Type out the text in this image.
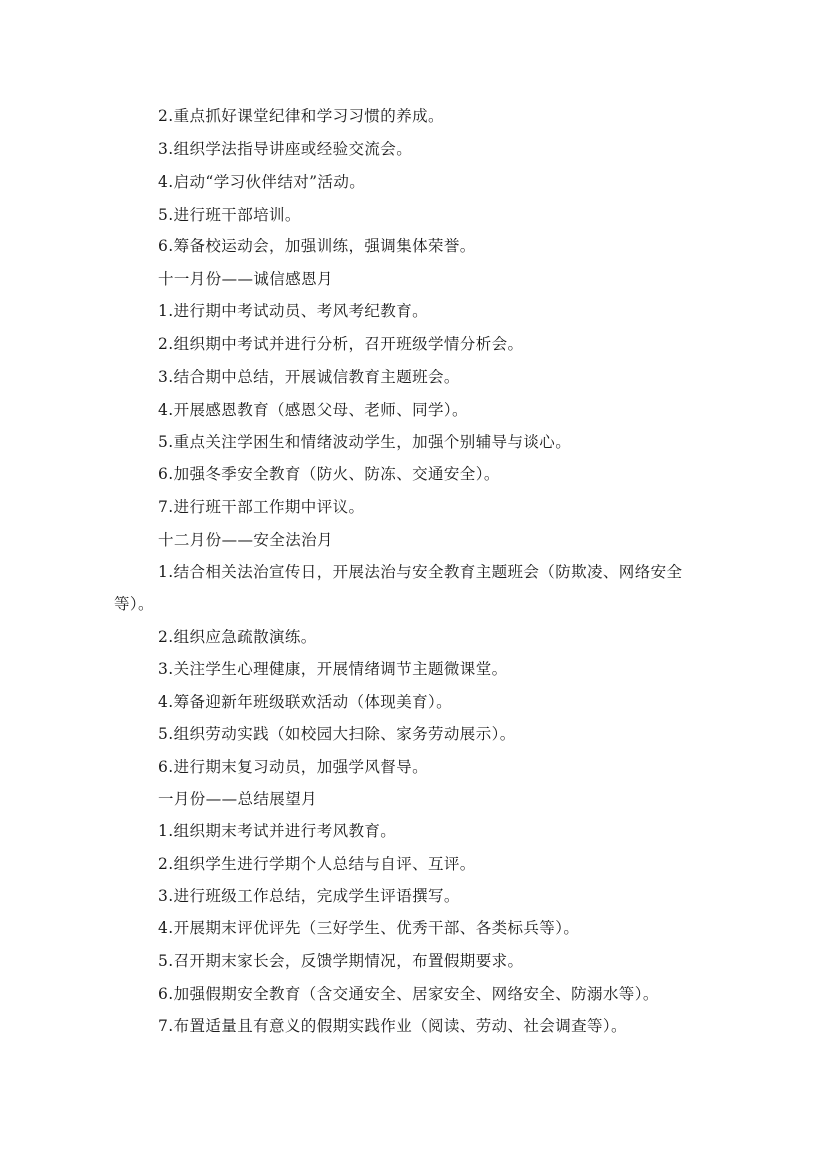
2.重点抓好课堂纪律和学习习惯的养成。
3.组织学法指导讲座或经验交流会。
4.启动“学习伙伴结对”活动。
5.进行班干部培训。
6.筹备校运动会，加强训练，强调集体荣誉。
十一月份——诚信感恩月
1.进行期中考试动员、考风考纪教育。
2.组织期中考试并进行分析，召开班级学情分析会。
3.结合期中总结，开展诚信教育主题班会。
4.开展感恩教育（感恩父母、老师、同学）。
5.重点关注学困生和情绪波动学生，加强个别辅导与谈心。
6.加强冬季安全教育（防火、防冻、交通安全）。
7.进行班干部工作期中评议。
十二月份——安全法治月
1.结合相关法治宣传日，开展法治与安全教育主题班会（防欺凌、网络安全
等）。
2.组织应急疏散演练。
3.关注学生心理健康，开展情绪调节主题微课堂。
4.筹备迎新年班级联欢活动（体现美育）。
5.组织劳动实践（如校园大扫除、家务劳动展示）。
6.进行期末复习动员，加强学风督导。
一月份——总结展望月
1.组织期末考试并进行考风教育。
2.组织学生进行学期个人总结与自评、互评。
3.进行班级工作总结，完成学生评语撰写。
4.开展期末评优评先（三好学生、优秀干部、各类标兵等）。
5.召开期末家长会，反馈学期情况，布置假期要求。
6.加强假期安全教育（含交通安全、居家安全、网络安全、防溺水等）。
7.布置适量且有意义的假期实践作业（阅读、劳动、社会调查等）。
